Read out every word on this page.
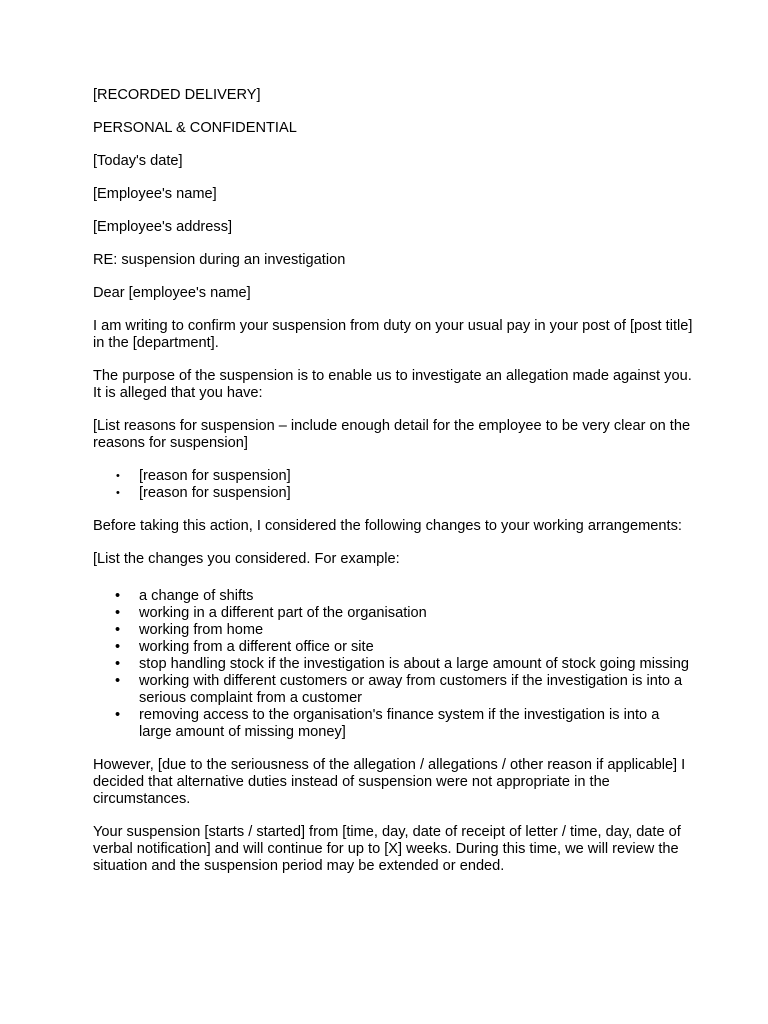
[RECORDED DELIVERY]

PERSONAL & CONFIDENTIAL

[Today's date]

[Employee's name]

[Employee's address]

RE: suspension during an investigation

Dear [employee's name]

I am writing to confirm your suspension from duty on your usual pay in your post of [post title] in the [department].

The purpose of the suspension is to enable us to investigate an allegation made against you. It is alleged that you have:

[List reasons for suspension – include enough detail for the employee to be very clear on the reasons for suspension]

• [reason for suspension]
• [reason for suspension]

Before taking this action, I considered the following changes to your working arrangements:

[List the changes you considered. For example:

• a change of shifts
• working in a different part of the organisation
• working from home
• working from a different office or site
• stop handling stock if the investigation is about a large amount of stock going missing
• working with different customers or away from customers if the investigation is into a serious complaint from a customer
• removing access to the organisation's finance system if the investigation is into a large amount of missing money]

However, [due to the seriousness of the allegation / allegations / other reason if applicable] I decided that alternative duties instead of suspension were not appropriate in the circumstances.

Your suspension [starts / started] from [time, day, date of receipt of letter / time, day, date of verbal notification] and will continue for up to [X] weeks. During this time, we will review the situation and the suspension period may be extended or ended.
